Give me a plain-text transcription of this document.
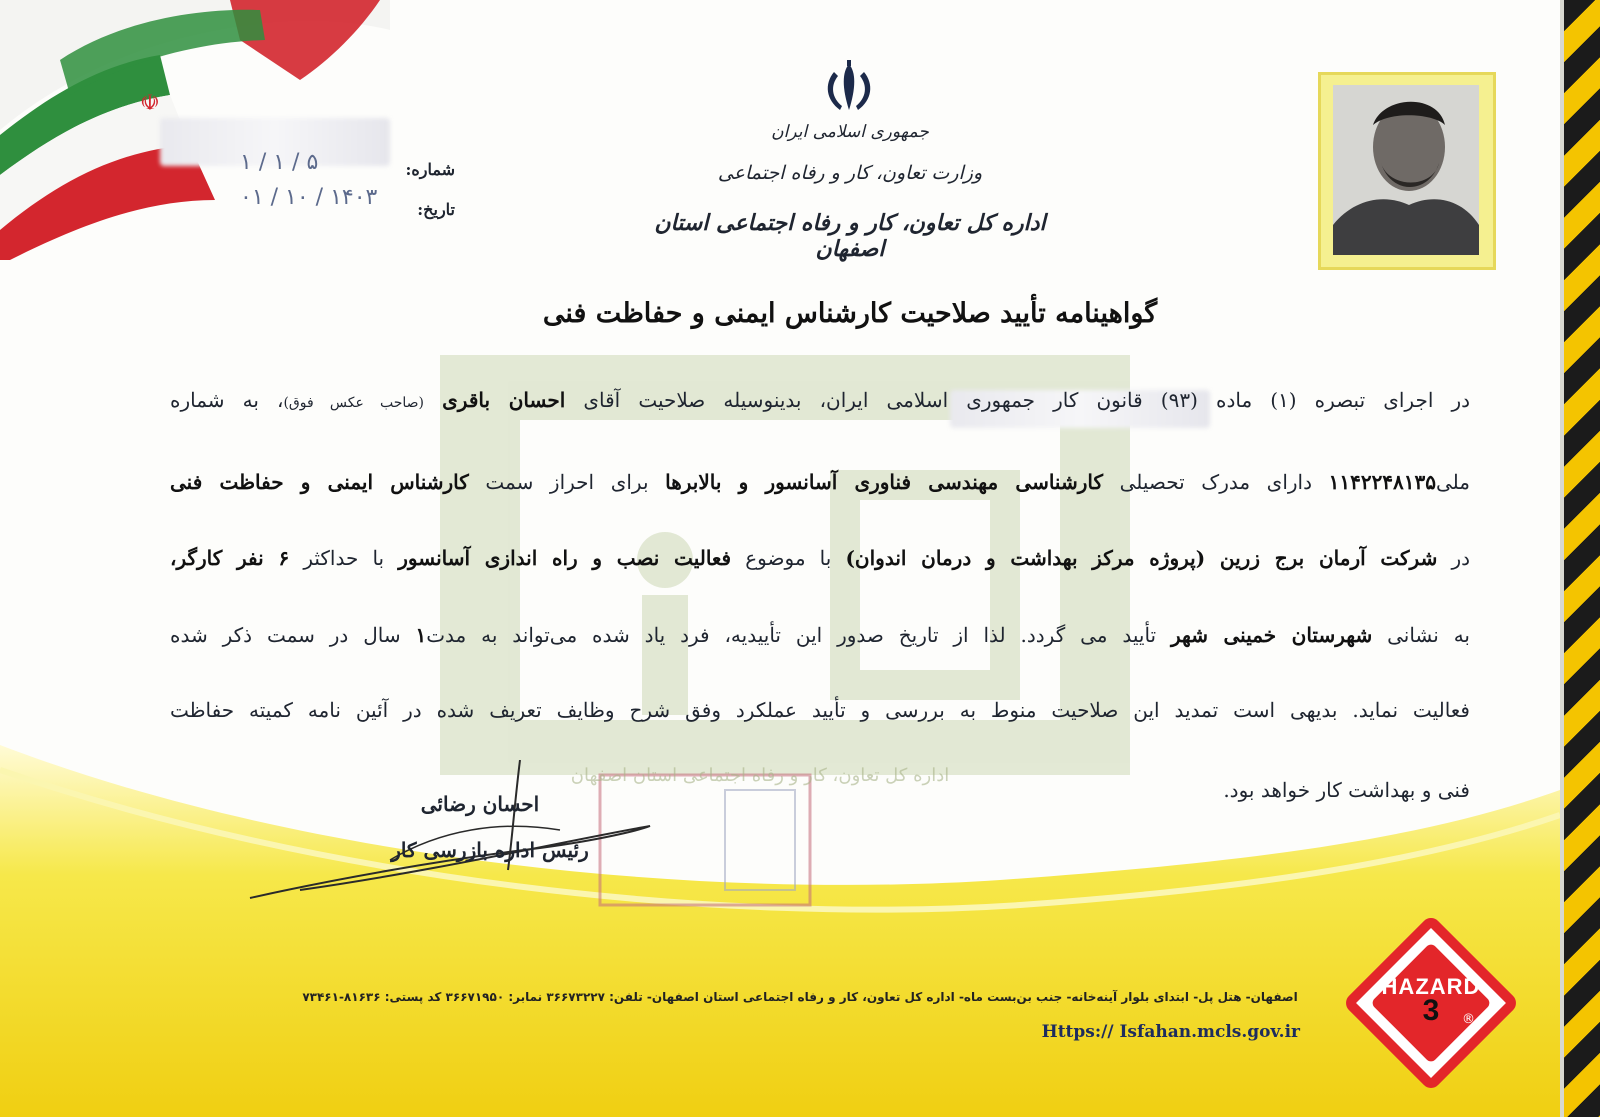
اداره کل تعاون، کار و رفاه اجتماعی استان اصفهان
☫
شماره:
۵ / ۱ / ۱
تاریخ:
۱۴۰۳ / ۱۰ / ۰۱
جمهوری اسلامی ایران
وزارت تعاون، کار و رفاه اجتماعی
اداره کل تعاون، کار و رفاه اجتماعی استان اصفهان
گواهینامه تأیید صلاحیت کارشناس ایمنی و حفاظت فنی
در اجرای تبصره (۱) ماده (۹۳) قانون کار جمهوری اسلامی ایران، بدینوسیله صلاحیت آقای احسان باقری (صاحب عکس فوق)، به شماره
ملی۱۱۴۲۲۴۸۱۳۵ دارای مدرک تحصیلی کارشناسی مهندسی فناوری آسانسور و بالابرها برای احراز سمت کارشناس ایمنی و حفاظت فنی
در شرکت آرمان برج زرین (پروژه مرکز بهداشت و درمان اندوان) با موضوع فعالیت نصب و راه اندازی آسانسور با حداکثر ۶ نفر کارگر،
به نشانی شهرستان خمینی شهر تأیید می گردد. لذا از تاریخ صدور این تأییدیه، فرد یاد شده می‌تواند به مدت۱ سال در سمت ذکر شده
فعالیت نماید. بدیهی است تمدید این صلاحیت منوط به بررسی و تأیید عملکرد وفق شرح وظایف تعریف شده در آئین نامه کمیته حفاظت
فنی و بهداشت کار خواهد بود.
احسان رضائی
رئیس اداره بازرسی کار
اصفهان- هتل پل- ابتدای بلوار آینه‌خانه- جنب بن‌بست ماه- اداره کل تعاون، کار و رفاه اجتماعی استان اصفهان- تلفن: ۳۶۶۷۳۲۲۷ نمابر: ۳۶۶۷۱۹۵۰ کد پستی: ۸۱۶۳۶-۷۳۴۶۱
Https:// Isfahan.mcls.gov.ir
HAZARD
3	®
